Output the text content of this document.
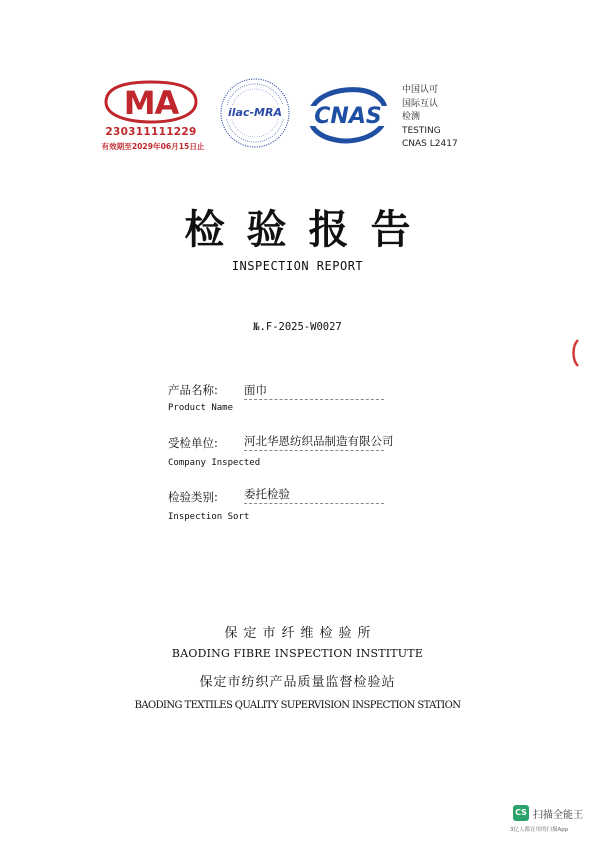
MA
230311111229
有效期至2029年06月15日止
ilac-MRA CNAS
中国认可
国际互认
检测
TESTING
CNAS L2417
检验报告
INSPECTION REPORT
№.F-2025-W0027
产品名称: 面巾
Product Name
受检单位: 河北华恩纺织品制造有限公司
Company Inspected
检验类别: 委托检验
Inspection Sort
保定市纤维检验所
BAODING FIBRE INSPECTION INSTITUTE
保定市纺织产品质量监督检验站
BAODING TEXTILES QUALITY SUPERVISION INSPECTION STATION
CS 扫描全能王
3亿人都在用的扫描App
